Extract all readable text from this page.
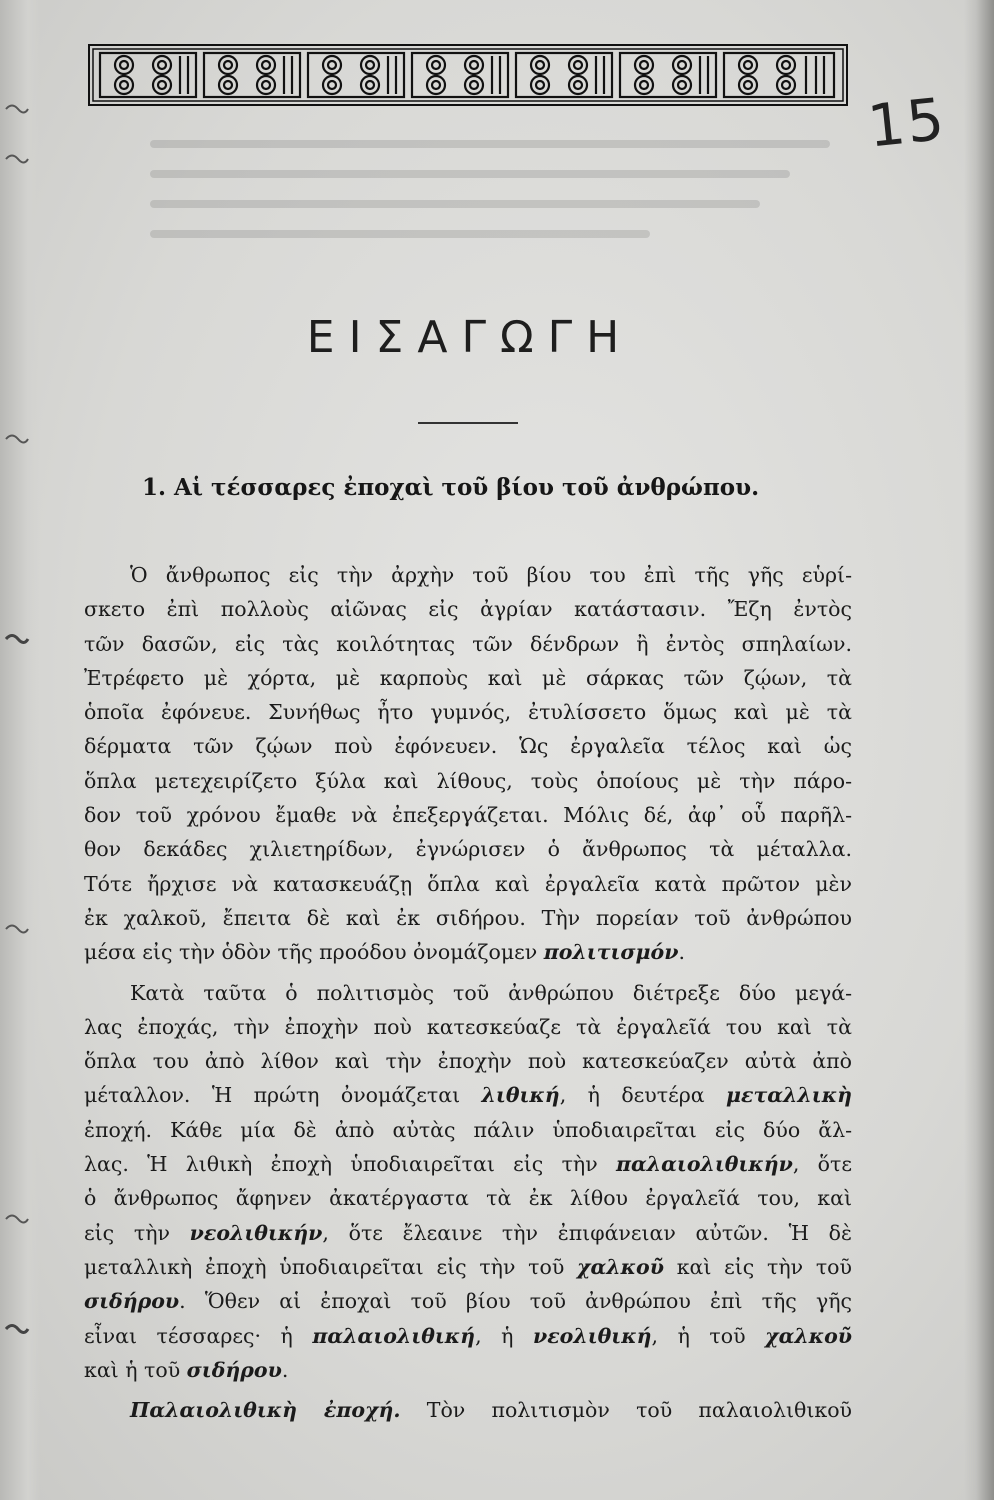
15
ΕΙΣΑΓΩΓΗ
1. Αἱ τέσσαρες ἐποχαὶ τοῦ βίου τοῦ ἀνθρώπου.
Ὁ ἄνθρωπος εἰς τὴν ἀρχὴν τοῦ βίου του ἐπὶ τῆς γῆς εὑρί-
σκετο ἐπὶ πολλοὺς αἰῶνας εἰς ἀγρίαν κατάστασιν. Ἔζη ἐντὸς
τῶν δασῶν, εἰς τὰς κοιλότητας τῶν δένδρων ἢ ἐντὸς σπηλαίων.
Ἐτρέφετο μὲ χόρτα, μὲ καρποὺς καὶ μὲ σάρκας τῶν ζῴων, τὰ
ὁποῖα ἐφόνευε. Συνήθως ἦτο γυμνός, ἐτυλίσσετο ὅμως καὶ μὲ τὰ
δέρματα τῶν ζῴων ποὺ ἐφόνευεν. Ὡς ἐργαλεῖα τέλος καὶ ὡς
ὅπλα μετεχειρίζετο ξύλα καὶ λίθους, τοὺς ὁποίους μὲ τὴν πάρο-
δον τοῦ χρόνου ἔμαθε νὰ ἐπεξεργάζεται. Μόλις δέ, ἀφ᾽ οὗ παρῆλ-
θον δεκάδες χιλιετηρίδων, ἐγνώρισεν ὁ ἄνθρωπος τὰ μέταλλα.
Τότε ἤρχισε νὰ κατασκευάζῃ ὅπλα καὶ ἐργαλεῖα κατὰ πρῶτον μὲν
ἐκ χαλκοῦ, ἔπειτα δὲ καὶ ἐκ σιδήρου. Τὴν πορείαν τοῦ ἀνθρώπου
μέσα εἰς τὴν ὁδὸν τῆς προόδου ὀνομάζομεν πολιτισμόν.
Κατὰ ταῦτα ὁ πολιτισμὸς τοῦ ἀνθρώπου διέτρεξε δύο μεγά-
λας ἐποχάς, τὴν ἐποχὴν ποὺ κατεσκεύαζε τὰ ἐργαλεῖά του καὶ τὰ
ὅπλα του ἀπὸ λίθον καὶ τὴν ἐποχὴν ποὺ κατεσκεύαζεν αὐτὰ ἀπὸ
μέταλλον. Ἡ πρώτη ὀνομάζεται λιθική, ἡ δευτέρα μεταλλικὴ
ἐποχή. Κάθε μία δὲ ἀπὸ αὐτὰς πάλιν ὑποδιαιρεῖται εἰς δύο ἄλ-
λας. Ἡ λιθικὴ ἐποχὴ ὑποδιαιρεῖται εἰς τὴν παλαιολιθικήν, ὅτε
ὁ ἄνθρωπος ἄφηνεν ἀκατέργαστα τὰ ἐκ λίθου ἐργαλεῖά του, καὶ
εἰς τὴν νεολιθικήν, ὅτε ἔλεαινε τὴν ἐπιφάνειαν αὐτῶν. Ἡ δὲ
μεταλλικὴ ἐποχὴ ὑποδιαιρεῖται εἰς τὴν τοῦ χαλκοῦ καὶ εἰς τὴν τοῦ
σιδήρου. Ὅθεν αἱ ἐποχαὶ τοῦ βίου τοῦ ἀνθρώπου ἐπὶ τῆς γῆς
εἶναι τέσσαρες· ἡ παλαιολιθική, ἡ νεολιθική, ἡ τοῦ χαλκοῦ
καὶ ἡ τοῦ σιδήρου.
Παλαιολιθικὴ ἐποχή. Τὸν πολιτισμὸν τοῦ παλαιολιθικοῦ
